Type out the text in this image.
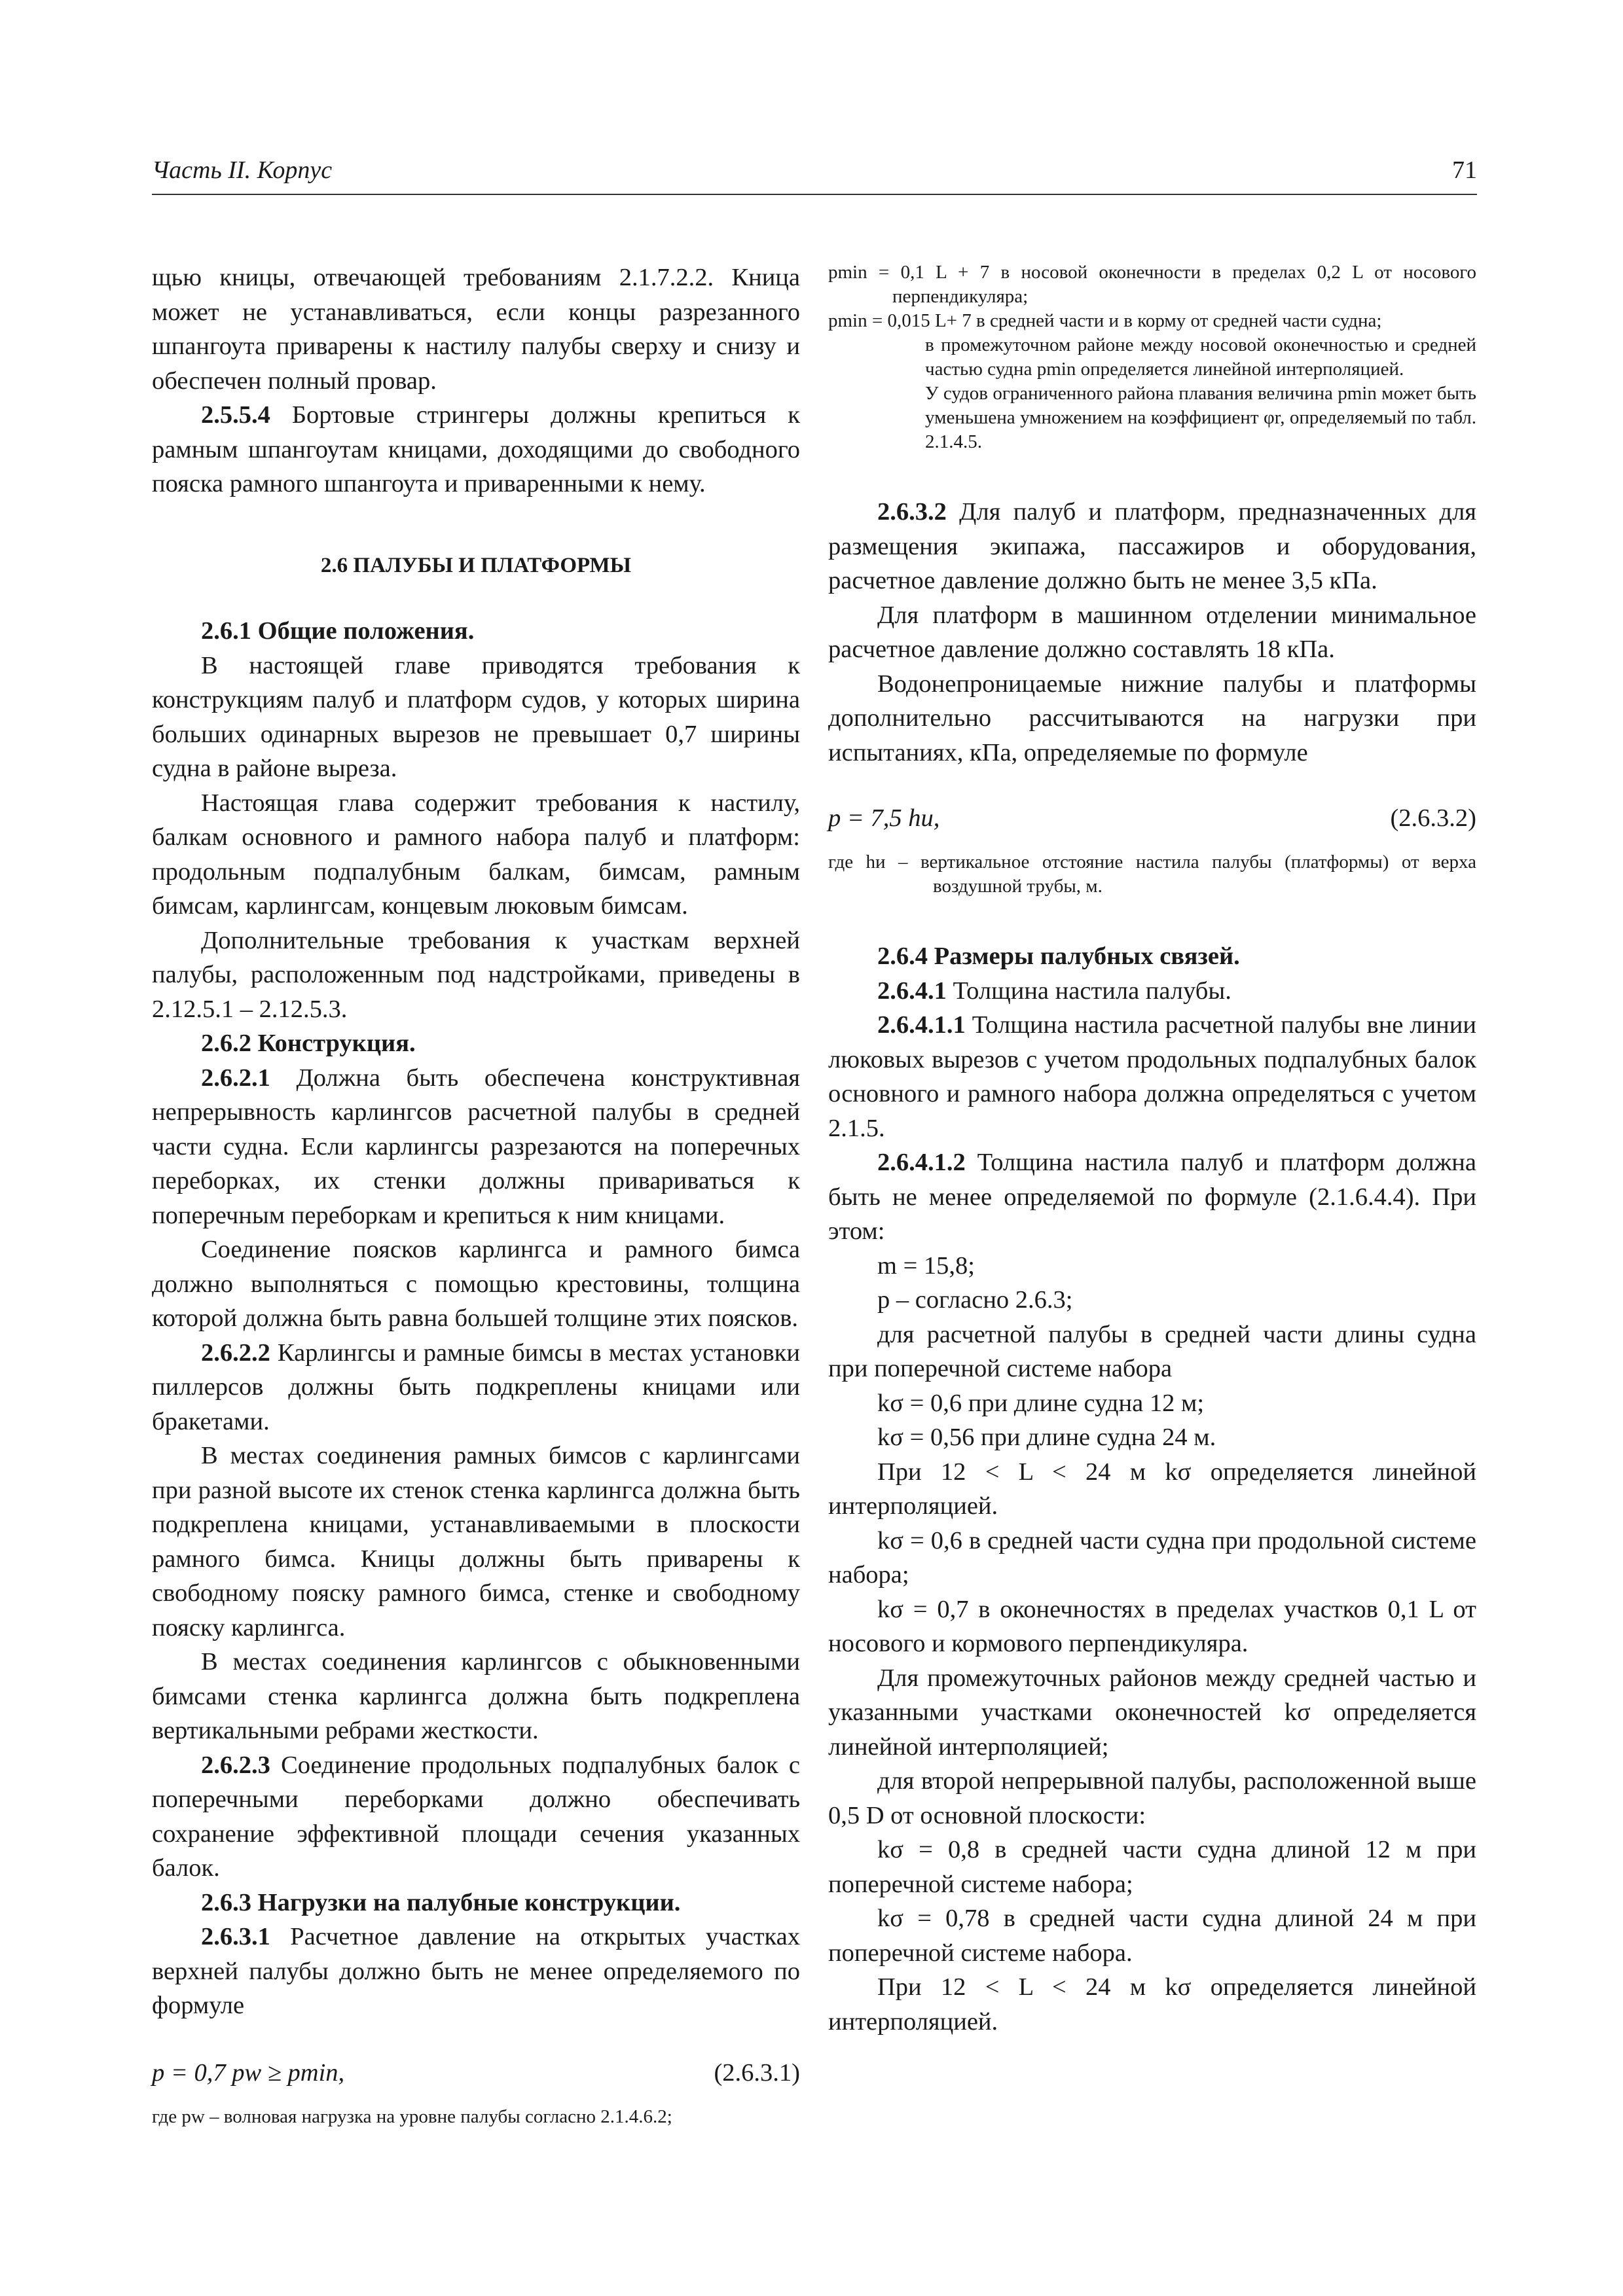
Часть II. Корпус	71

щью кницы, отвечающей требованиям 2.1.7.2.2. Кница может не устанавливаться, если концы разрезанного шпангоута приварены к настилу палубы сверху и снизу и обеспечен полный провар.

2.5.5.4 Бортовые стрингеры должны крепиться к рамным шпангоутам кницами, доходящими до свободного пояска рамного шпангоута и приваренными к нему.

2.6 ПАЛУБЫ И ПЛАТФОРМЫ

2.6.1 Общие положения.

В настоящей главе приводятся требования к конструкциям палуб и платформ судов, у которых ширина больших одинарных вырезов не превышает 0,7 ширины судна в районе выреза.

Настоящая глава содержит требования к настилу, балкам основного и рамного набора палуб и платформ: продольным подпалубным балкам, бимсам, рамным бимсам, карлингсам, концевым люковым бимсам.

Дополнительные требования к участкам верхней палубы, расположенным под надстройками, приведены в 2.12.5.1 – 2.12.5.3.

2.6.2 Конструкция.

2.6.2.1 Должна быть обеспечена конструктивная непрерывность карлингсов расчетной палубы в средней части судна. Если карлингсы разрезаются на поперечных переборках, их стенки должны привариваться к поперечным переборкам и крепиться к ним кницами.

Соединение поясков карлингса и рамного бимса должно выполняться с помощью крестовины, толщина которой должна быть равна большей толщине этих поясков.

2.6.2.2 Карлингсы и рамные бимсы в местах установки пиллерсов должны быть подкреплены кницами или бракетами.

В местах соединения рамных бимсов с карлингсами при разной высоте их стенок стенка карлингса должна быть подкреплена кницами, устанавливаемыми в плоскости рамного бимса. Кницы должны быть приварены к свободному пояску рамного бимса, стенке и свободному пояску карлингса.

В местах соединения карлингсов с обыкновенными бимсами стенка карлингса должна быть подкреплена вертикальными ребрами жесткости.

2.6.2.3 Соединение продольных подпалубных балок с поперечными переборками должно обеспечивать сохранение эффективной площади сечения указанных балок.

2.6.3 Нагрузки на палубные конструкции.

2.6.3.1 Расчетное давление на открытых участках верхней палубы должно быть не менее определяемого по формуле

p = 0,7 pw ≥ pmin,	(2.6.3.1)

где pw – волновая нагрузка на уровне палубы согласно 2.1.4.6.2;

pmin = 0,1 L + 7 в носовой оконечности в пределах 0,2 L от носового перпендикуляра;

pmin = 0,015 L+ 7 в средней части и в корму от средней части судна;

в промежуточном районе между носовой оконечностью и средней частью судна pmin определяется линейной интерполяцией.

У судов ограниченного района плавания величина pmin может быть уменьшена умножением на коэффициент φr, определяемый по табл. 2.1.4.5.

2.6.3.2 Для палуб и платформ, предназначенных для размещения экипажа, пассажиров и оборудования, расчетное давление должно быть не менее 3,5 кПа.

Для платформ в машинном отделении минимальное расчетное давление должно составлять 18 кПа.

Водонепроницаемые нижние палубы и платформы дополнительно рассчитываются на нагрузки при испытаниях, кПа, определяемые по формуле

p = 7,5 hи,	(2.6.3.2)

где hи – вертикальное отстояние настила палубы (платформы) от верха воздушной трубы, м.

2.6.4 Размеры палубных связей.

2.6.4.1 Толщина настила палубы.

2.6.4.1.1 Толщина настила расчетной палубы вне линии люковых вырезов с учетом продольных подпалубных балок основного и рамного набора должна определяться с учетом 2.1.5.

2.6.4.1.2 Толщина настила палуб и платформ должна быть не менее определяемой по формуле (2.1.6.4.4). При этом:

m = 15,8;

p – согласно 2.6.3;

для расчетной палубы в средней части длины судна при поперечной системе набора

kσ = 0,6 при длине судна 12 м;

kσ = 0,56 при длине судна 24 м.

При 12 < L < 24 м kσ определяется линейной интерполяцией.

kσ = 0,6 в средней части судна при продольной системе набора;

kσ = 0,7 в оконечностях в пределах участков 0,1 L от носового и кормового перпендикуляра.

Для промежуточных районов между средней частью и указанными участками оконечностей kσ определяется линейной интерполяцией;

для второй непрерывной палубы, расположенной выше 0,5 D от основной плоскости:

kσ = 0,8 в средней части судна длиной 12 м при поперечной системе набора;

kσ = 0,78 в средней части судна длиной 24 м при поперечной системе набора.

При 12 < L < 24 м kσ определяется линейной интерполяцией.
